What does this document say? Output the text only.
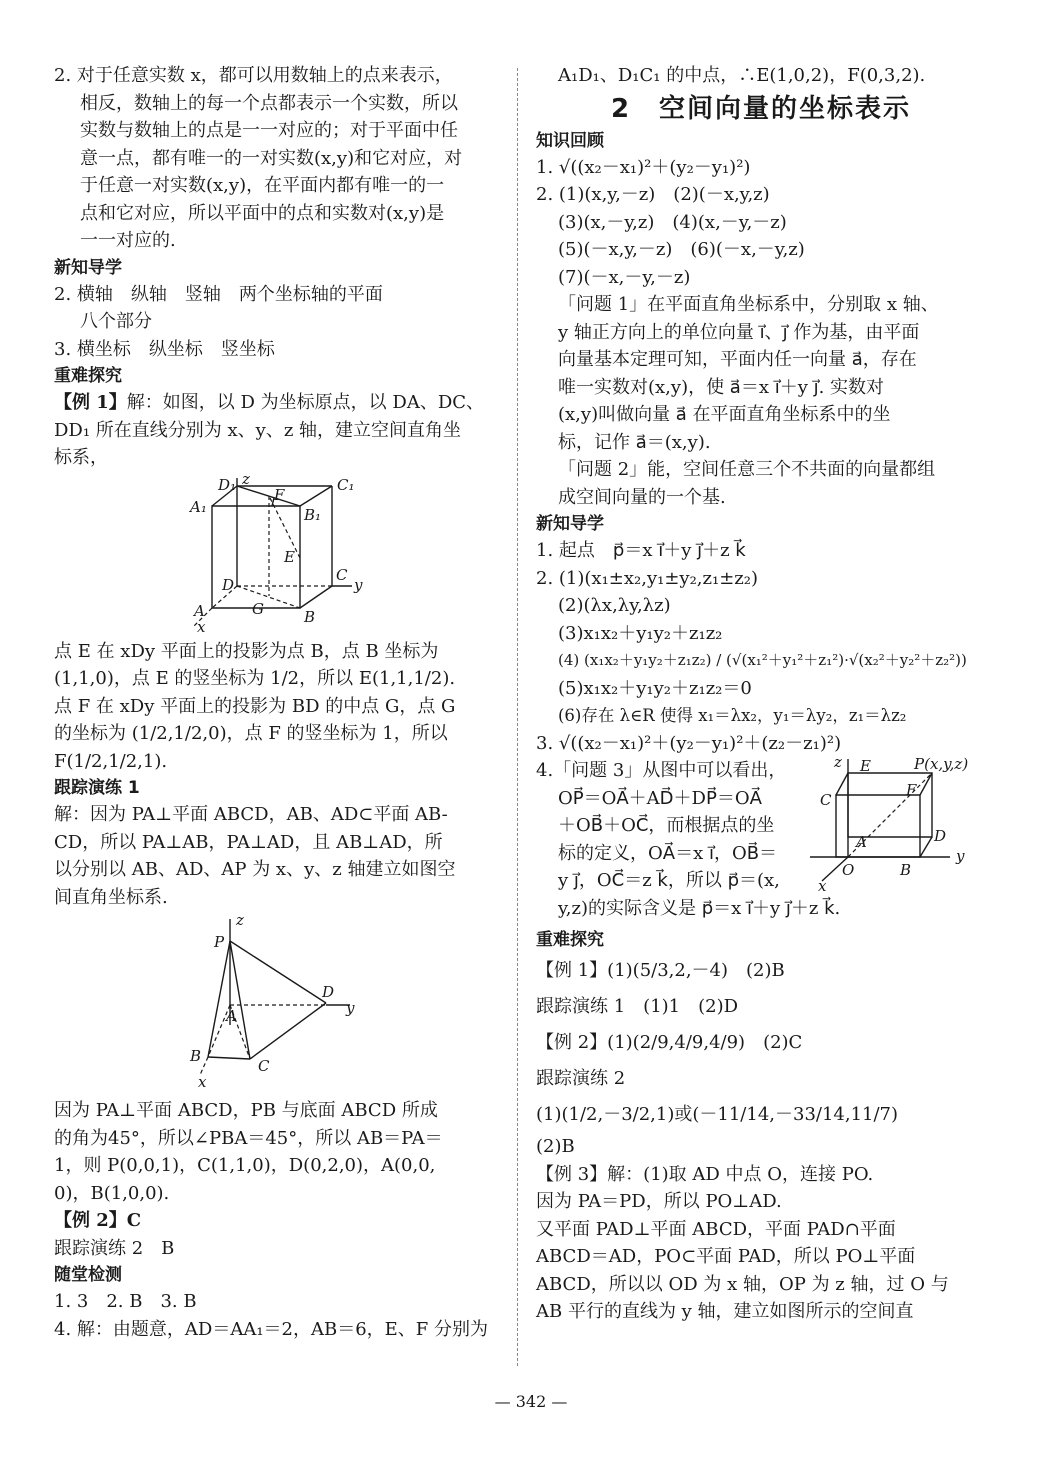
2. 对于任意实数 x，都可以用数轴上的点来表示，
相反，数轴上的每一个点都表示一个实数，所以
实数与数轴上的点是一一对应的；对于平面中任
意一点，都有唯一的一对实数(x,y)和它对应，对
于任意一对实数(x,y)，在平面内都有唯一的一
点和它对应，所以平面中的点和实数对(x,y)是
一一对应的.
新知导学
2. 横轴　纵轴　竖轴　两个坐标轴的平面
八个部分
3. 横坐标　纵坐标　竖坐标
重难探究
【例 1】解：如图，以 D 为坐标原点，以 DA、DC、
DD₁ 所在直线分别为 x、y、z 轴，建立空间直角坐
标系，
z
y
x
D₁	C₁
A₁	B₁
F
E
C
D
A	G	B
点 E 在 xDy 平面上的投影为点 B，点 B 坐标为
(1,1,0)，点 E 的竖坐标为 1/2，所以 E(1,1,1/2).
点 F 在 xDy 平面上的投影为 BD 的中点 G，点 G
的坐标为 (1/2,1/2,0)，点 F 的竖坐标为 1，所以
F(1/2,1/2,1).
跟踪演练 1
解：因为 PA⊥平面 ABCD，AB、AD⊂平面 AB-
CD，所以 PA⊥AB，PA⊥AD，且 AB⊥AD，所
以分别以 AB、AD、AP 为 x、y、z 轴建立如图空
间直角坐标系.
z
P
D
y
A
B
C
x
因为 PA⊥平面 ABCD，PB 与底面 ABCD 所成
的角为45°，所以∠PBA＝45°，所以 AB＝PA＝
1，则 P(0,0,1)，C(1,1,0)，D(0,2,0)，A(0,0,
0)，B(1,0,0).
【例 2】C
跟踪演练 2　B
随堂检测
1. 3　2. B　3. B
4. 解：由题意，AD＝AA₁＝2，AB＝6，E、F 分别为
A₁D₁、D₁C₁ 的中点，∴E(1,0,2)，F(0,3,2).
2　空间向量的坐标表示
知识回顾
1. √((x₂－x₁)²＋(y₂－y₁)²)
2. (1)(x,y,－z)　(2)(－x,y,z)
(3)(x,－y,z)　(4)(x,－y,－z)
(5)(－x,y,－z)　(6)(－x,－y,z)
(7)(－x,－y,－z)
「问题 1」在平面直角坐标系中，分别取 x 轴、
y 轴正方向上的单位向量 i⃗、j⃗ 作为基，由平面
向量基本定理可知，平面内任一向量 a⃗，存在
唯一实数对(x,y)，使 a⃗＝x i⃗＋y j⃗. 实数对
(x,y)叫做向量 a⃗ 在平面直角坐标系中的坐
标，记作 a⃗＝(x,y).
「问题 2」能，空间任意三个不共面的向量都组
成空间向量的一个基.
新知导学
1. 起点　p⃗＝x i⃗＋y j⃗＋z k⃗
2. (1)(x₁±x₂,y₁±y₂,z₁±z₂)
(2)(λx,λy,λz)
(3)x₁x₂＋y₁y₂＋z₁z₂
(4) (x₁x₂＋y₁y₂＋z₁z₂) / (√(x₁²＋y₁²＋z₁²)·√(x₂²＋y₂²＋z₂²))
(5)x₁x₂＋y₁y₂＋z₁z₂＝0
(6)存在 λ∈R 使得 x₁＝λx₂，y₁＝λy₂，z₁＝λz₂
3. √((x₂－x₁)²＋(y₂－y₁)²＋(z₂－z₁)²)
4.「问题 3」从图中可以看出，
OP⃗＝OA⃗＋AD⃗＋DP⃗＝OA⃗
＋OB⃗＋OC⃗，而根据点的坐
标的定义，OA⃗＝x i⃗，OB⃗＝
y j⃗，OC⃗＝z k⃗，所以 p⃗＝(x,
y,z)的实际含义是 p⃗＝x i⃗＋y j⃗＋z k⃗.
z E	P(x,y,z)
C
F
A	D
O	B
y
x
重难探究
【例 1】(1)(5/3,2,－4)　(2)B
跟踪演练 1　(1)1　(2)D
【例 2】(1)(2/9,4/9,4/9)　(2)C
跟踪演练 2
(1)(1/2,－3/2,1)或(－11/14,－33/14,11/7)
(2)B
【例 3】解：(1)取 AD 中点 O，连接 PO.
因为 PA＝PD，所以 PO⊥AD.
又平面 PAD⊥平面 ABCD，平面 PAD∩平面
ABCD＝AD，PO⊂平面 PAD，所以 PO⊥平面
ABCD，所以以 OD 为 x 轴，OP 为 z 轴，过 O 与
AB 平行的直线为 y 轴，建立如图所示的空间直
— 342 —
